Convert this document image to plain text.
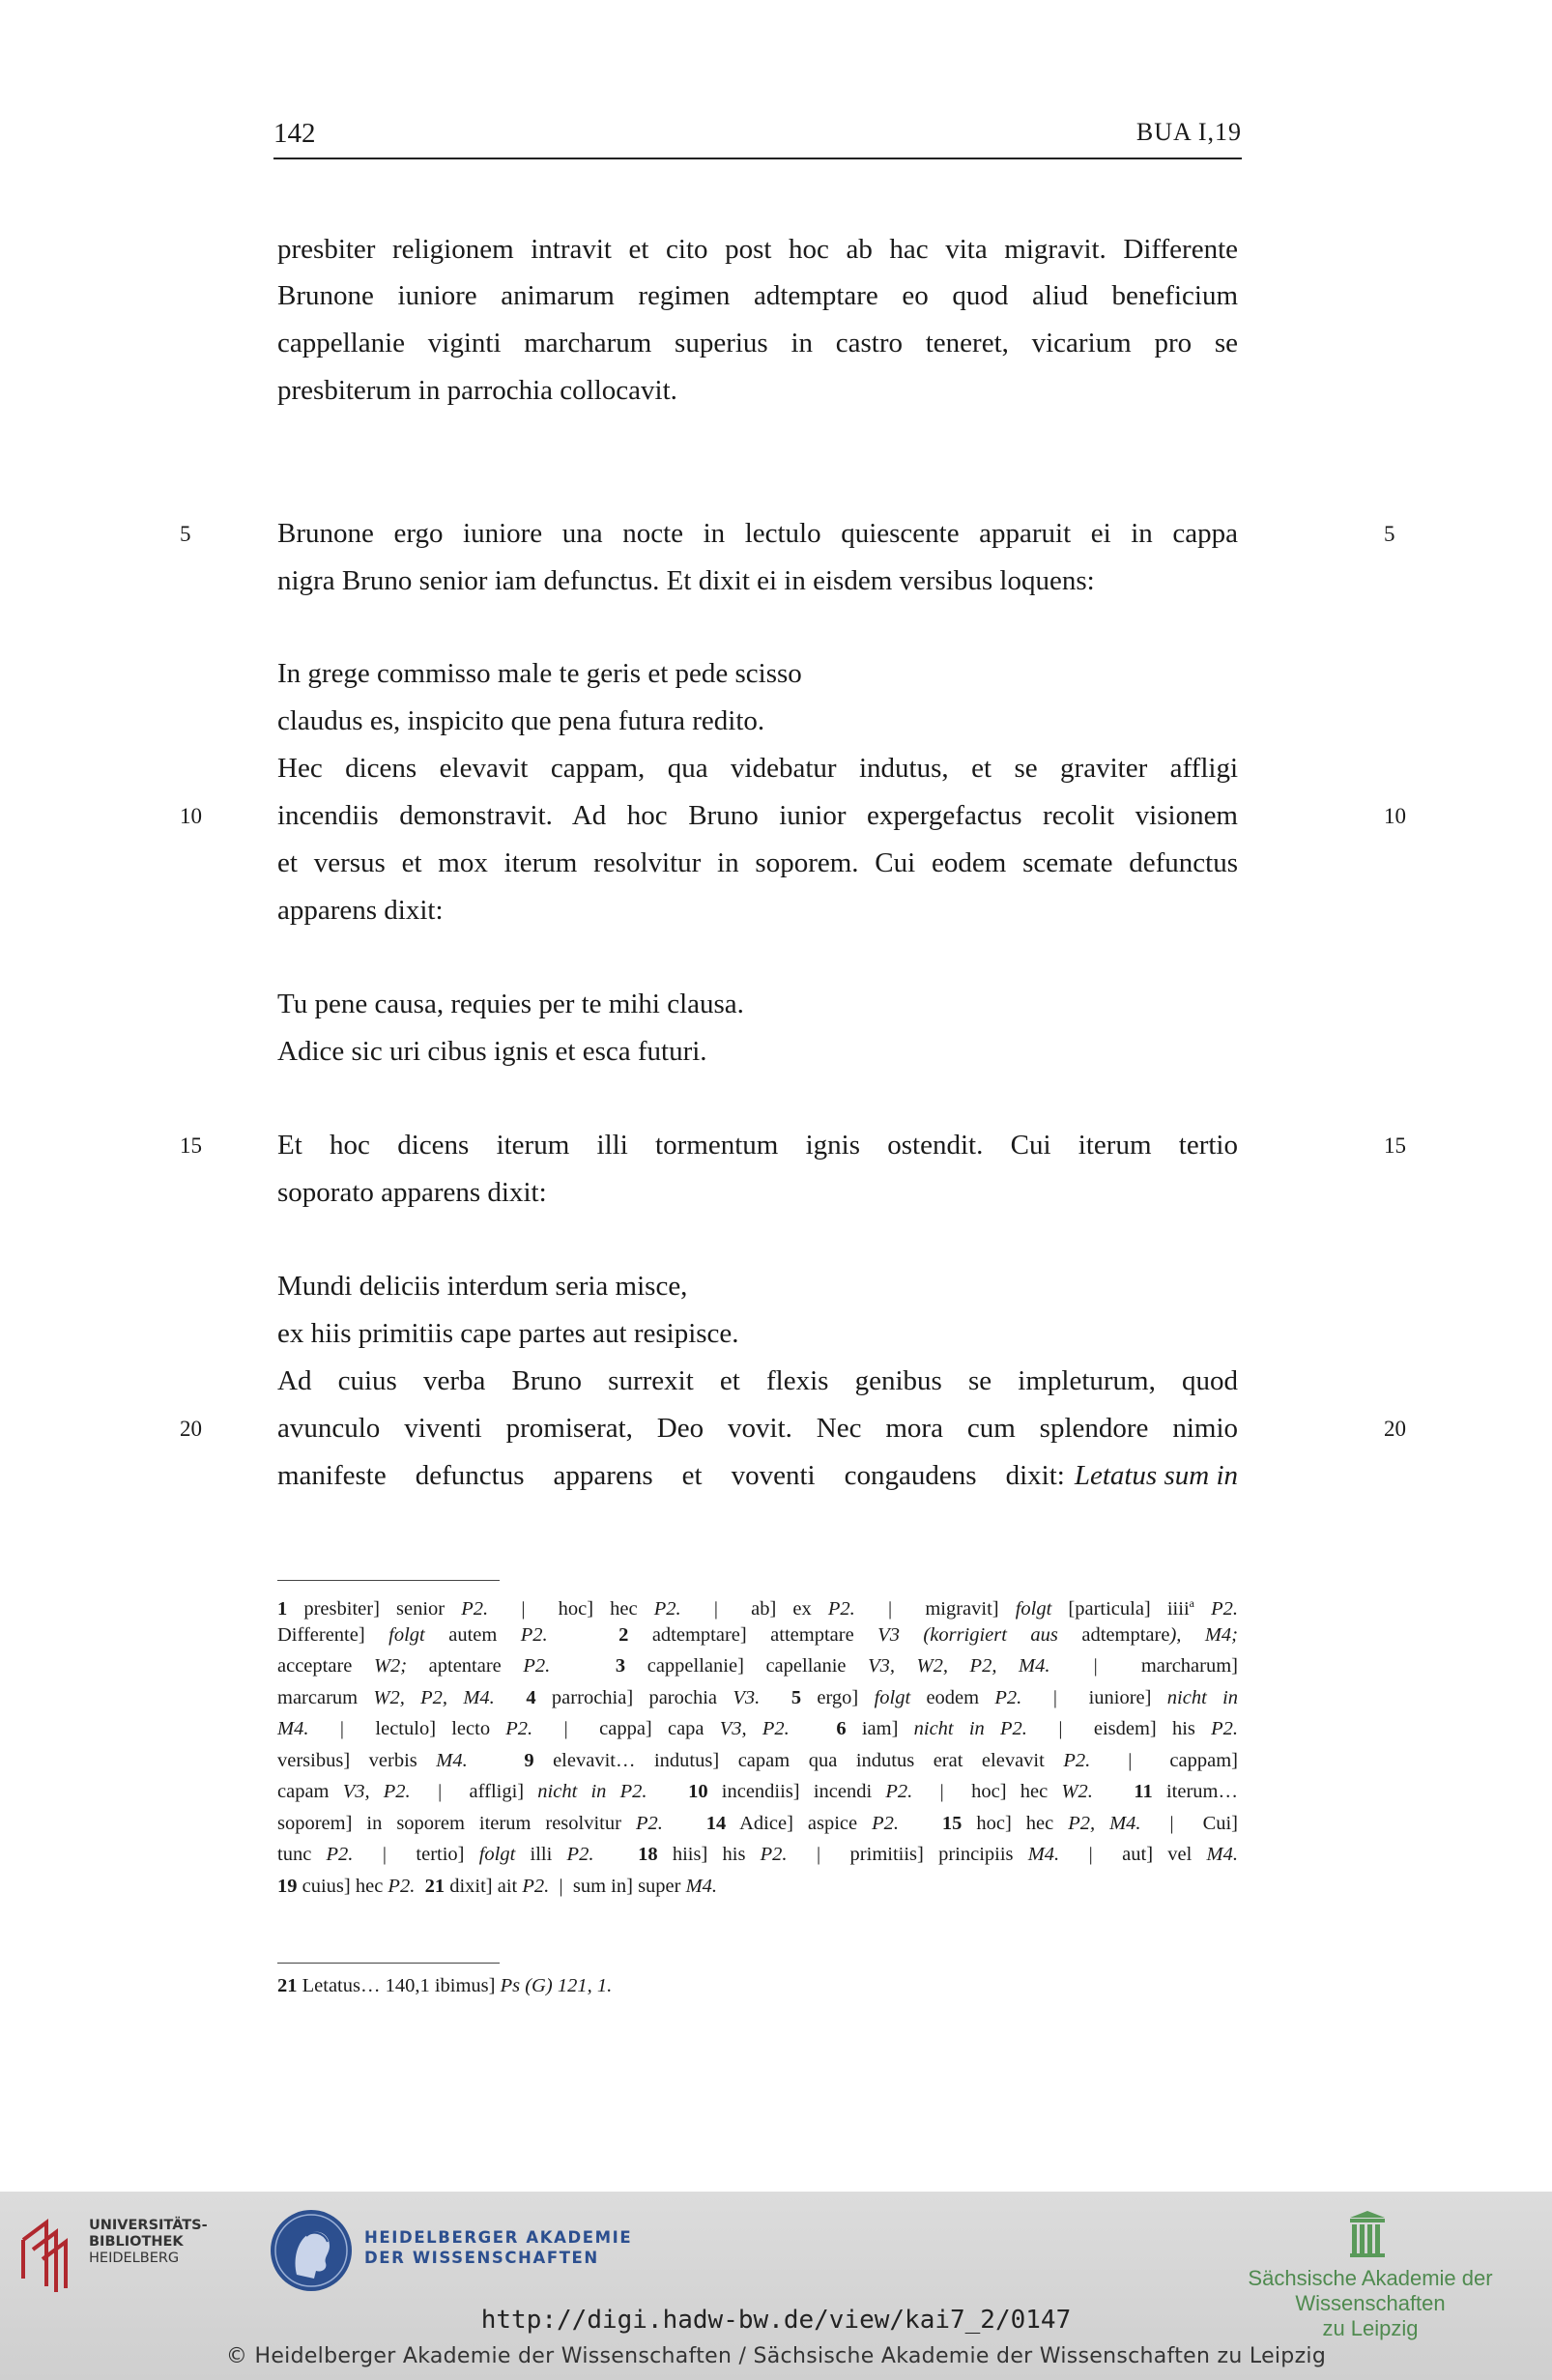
142	BUA I,19
presbiter religionem intravit et cito post hoc ab hac vita migravit. Differente
Brunone iuniore animarum regimen adtemptare eo quod aliud beneficium
cappellanie viginti marcharum superius in castro teneret, vicarium pro se
presbiterum in parrochia collocavit.
Brunone ergo iuniore una nocte in lectulo quiescente apparuit ei in cappa
nigra Bruno senior iam defunctus. Et dixit ei in eisdem versibus loquens:
In grege commisso male te geris et pede scisso
claudus es, inspicito que pena futura redito.
Hec dicens elevavit cappam, qua videbatur indutus, et se graviter affligi
incendiis demonstravit. Ad hoc Bruno iunior expergefactus recolit visionem
et versus et mox iterum resolvitur in soporem. Cui eodem scemate defunctus
apparens dixit:
Tu pene causa, requies per te mihi clausa.
Adice sic uri cibus ignis et esca futuri.
Et hoc dicens iterum illi tormentum ignis ostendit. Cui iterum tertio
soporato apparens dixit:
Mundi deliciis interdum seria misce,
ex hiis primitiis cape partes aut resipisce.
Ad cuius verba Bruno surrexit et flexis genibus se impleturum, quod
avunculo viventi promiserat, Deo vovit. Nec mora cum splendore nimio
manifeste defunctus apparens et voventi congaudens dixit: Letatus sum in
5	5
10	10
15	15
20	20
1 presbiter] senior P2.  |  hoc] hec P2.  |  ab] ex P2.  |  migravit] folgt [particula] iiii$^a$ P2.
Differente] folgt autem P2.	2 adtemptare] attemptare V3 (korrigiert aus adtemptare), M4;
acceptare W2; aptentare P2.	3 cappellanie] capellanie V3, W2, P2, M4.  |  marcharum]
marcarum W2, P2, M4. 4 parrochia] parochia V3. 5 ergo] folgt eodem P2.  |  iuniore] nicht in
M4.  |  lectulo] lecto P2.  |  cappa] capa V3, P2. 6 iam] nicht in P2.  |  eisdem] his P2.
versibus] verbis M4.	9 elevavit… indutus] capam qua indutus erat elevavit P2.  |  cappam]
capam V3, P2.  |  affligi] nicht in P2. 10 incendiis] incendi P2.  |  hoc] hec W2. 11 iterum…
soporem] in soporem iterum resolvitur P2. 14 Adice] aspice P2. 15 hoc] hec P2, M4.  |  Cui]
tunc P2.  |  tertio] folgt illi P2. 18 hiis] his P2.  |  primitiis] principiis M4.  |  aut] vel M4.
19 cuius] hec P2. 21 dixit] ait P2.  |  sum in] super M4.
21 Letatus… 140,1 ibimus] Ps (G) 121, 1.
UNIVERSITÄTS-
BIBLIOTHEK
HEIDELBERG
HEIDELBERGER AKADEMIE
DER WISSENSCHAFTEN
Sächsische Akademie der Wissenschaften
zu Leipzig
http://digi.hadw-bw.de/view/kai7_2/0147
© Heidelberger Akademie der Wissenschaften / Sächsische Akademie der Wissenschaften zu Leipzig
